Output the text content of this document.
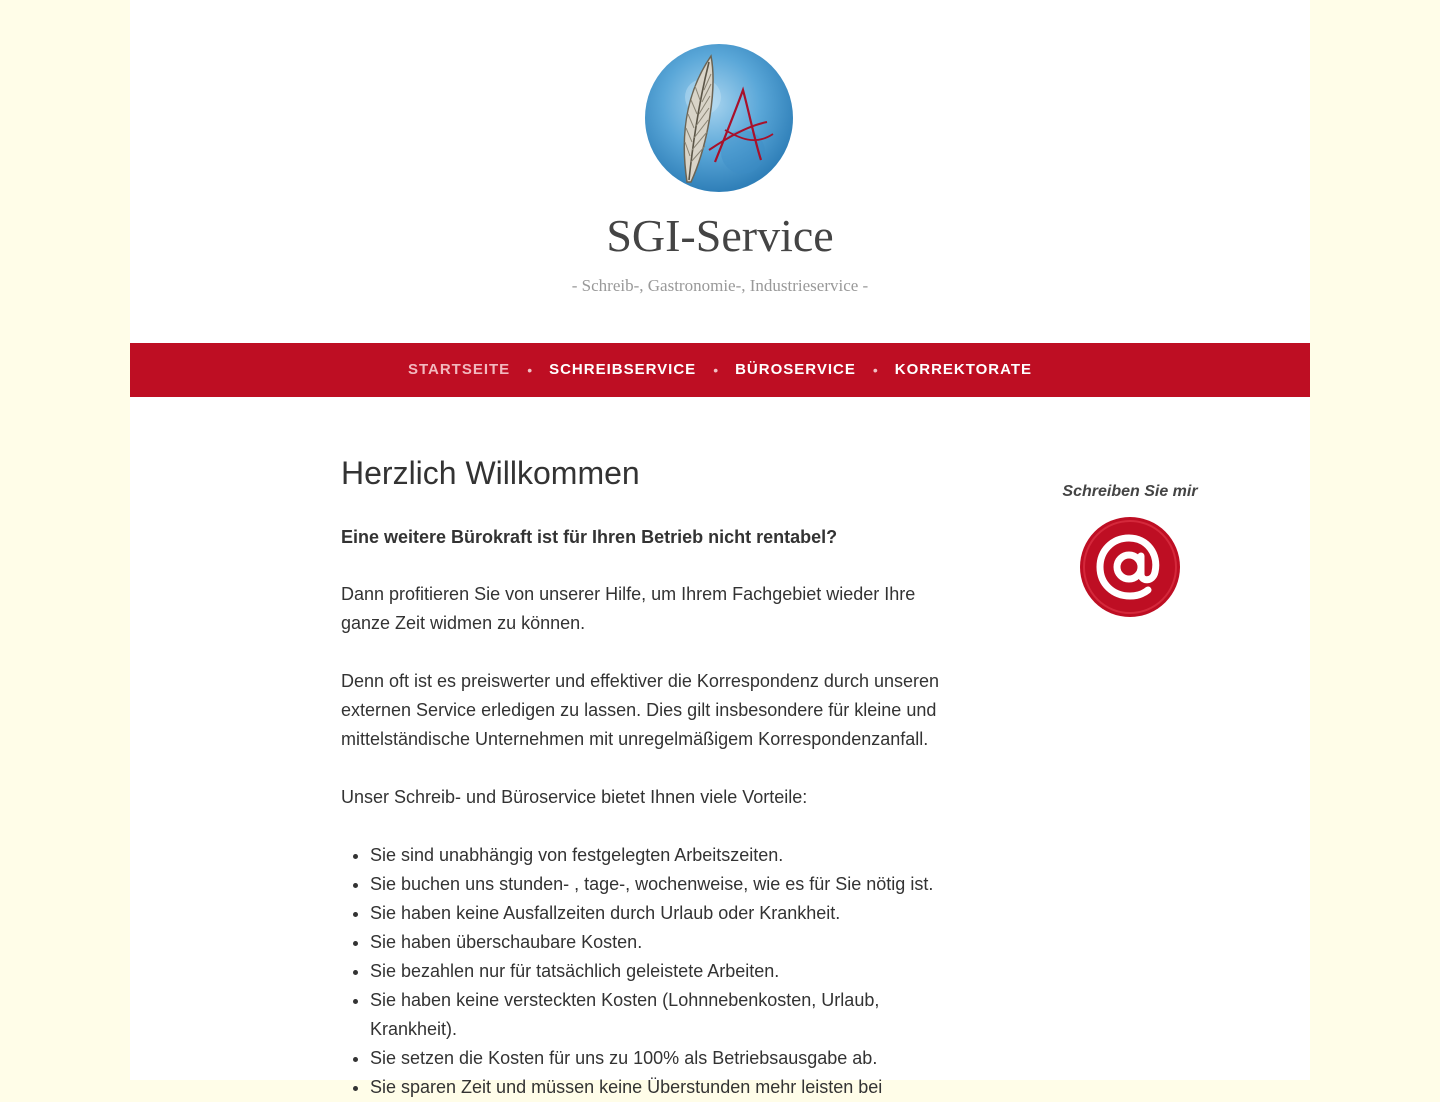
SGI-Service
- Schreib-, Gastronomie-, Industrieservice -
STARTSEITE • SCHREIBSERVICE • BÜROSERVICE • KORREKTORATE
Herzlich Willkommen

Eine weitere Bürokraft ist für Ihren Betrieb nicht rentabel?

Dann profitieren Sie von unserer Hilfe, um Ihrem Fachgebiet wieder Ihre ganze Zeit widmen zu können.

Denn oft ist es preiswerter und effektiver die Korrespondenz durch unseren externen Service erledigen zu lassen. Dies gilt insbesondere für kleine und mittelständische Unternehmen mit unregelmäßigem Korrespondenzanfall.

Unser Schreib- und Büroservice bietet Ihnen viele Vorteile:

• Sie sind unabhängig von festgelegten Arbeitszeiten.
• Sie buchen uns stunden- , tage-, wochenweise, wie es für Sie nötig ist.
• Sie haben keine Ausfallzeiten durch Urlaub oder Krankheit.
• Sie haben überschaubare Kosten.
• Sie bezahlen nur für tatsächlich geleistete Arbeiten.
• Sie haben keine versteckten Kosten (Lohnnebenkosten, Urlaub, Krankheit).
• Sie setzen die Kosten für uns zu 100% als Betriebsausgabe ab.
• Sie sparen Zeit und müssen keine Überstunden mehr leisten bei

Schreiben Sie mir
